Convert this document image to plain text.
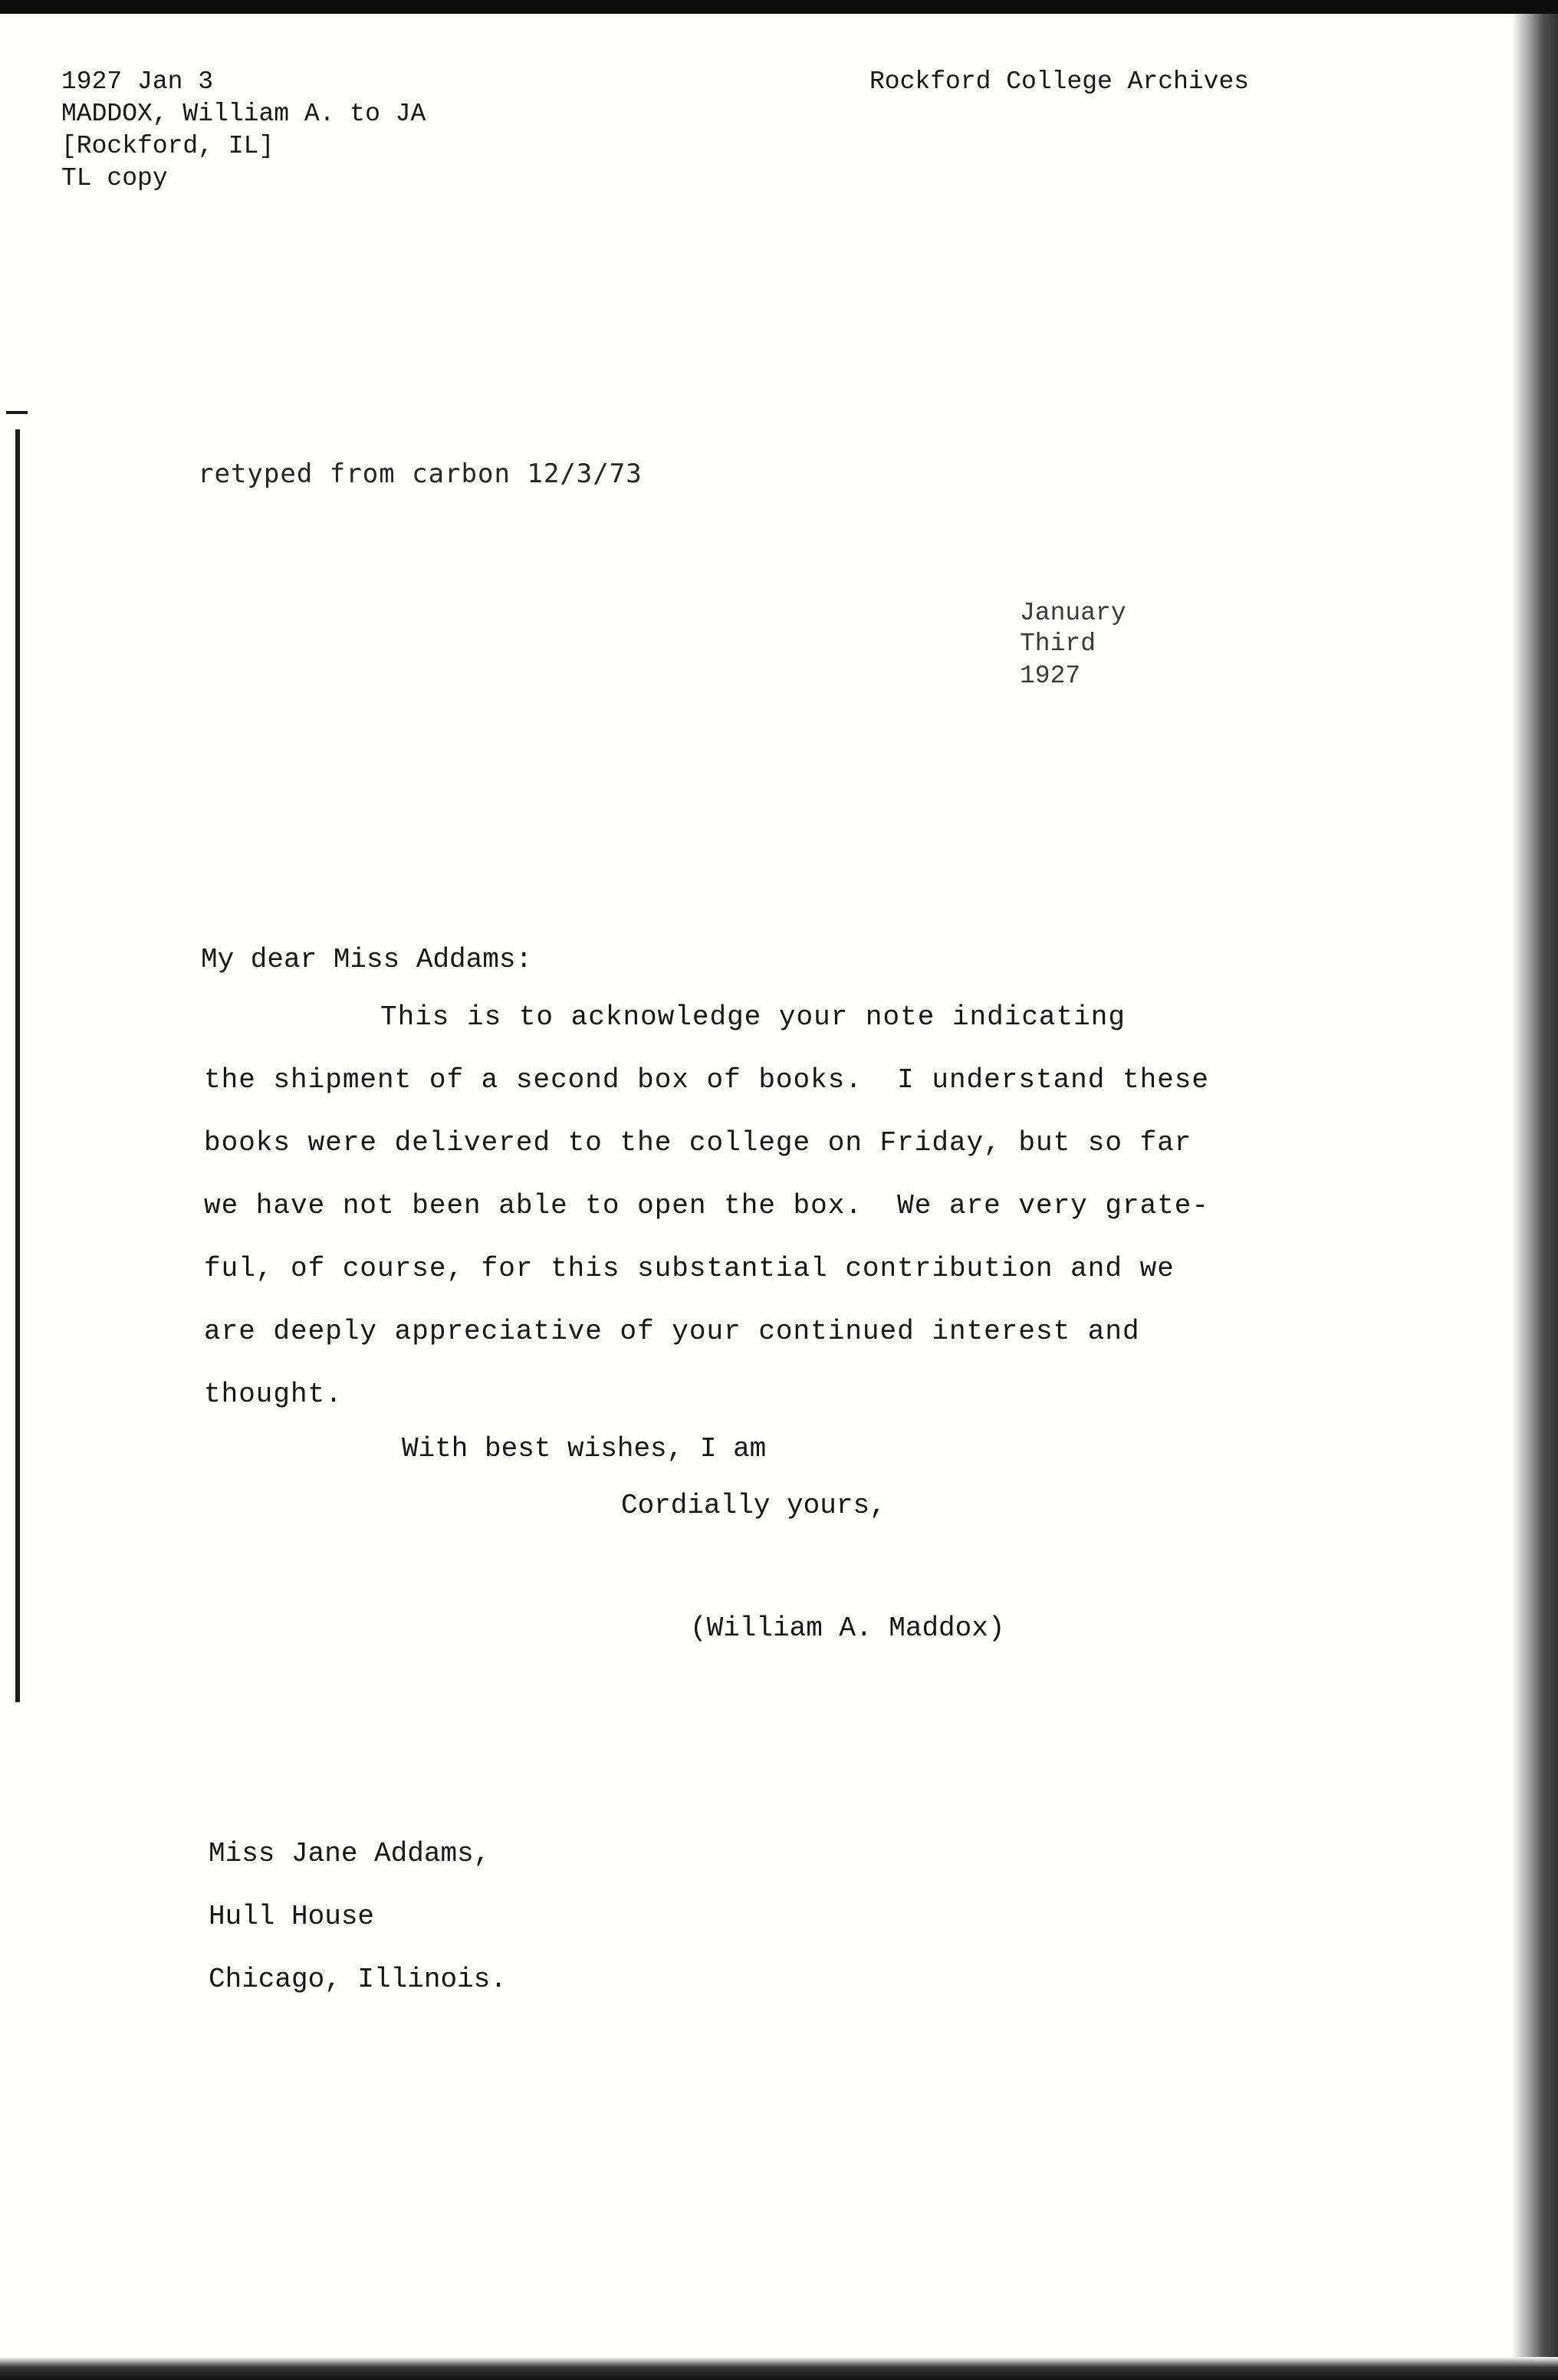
1927 Jan 3
MADDOX, William A. to JA
[Rockford, IL]
TL copy
Rockford College Archives
retyped from carbon 12/3/73
January
Third
1927
My dear Miss Addams:
This is to acknowledge your note indicating
the shipment of a second box of books.  I understand these
books were delivered to the college on Friday, but so far
we have not been able to open the box.  We are very grate-
ful, of course, for this substantial contribution and we
are deeply appreciative of your continued interest and
thought.
With best wishes, I am
Cordially yours,
(William A. Maddox)
Miss Jane Addams,
Hull House
Chicago, Illinois.
